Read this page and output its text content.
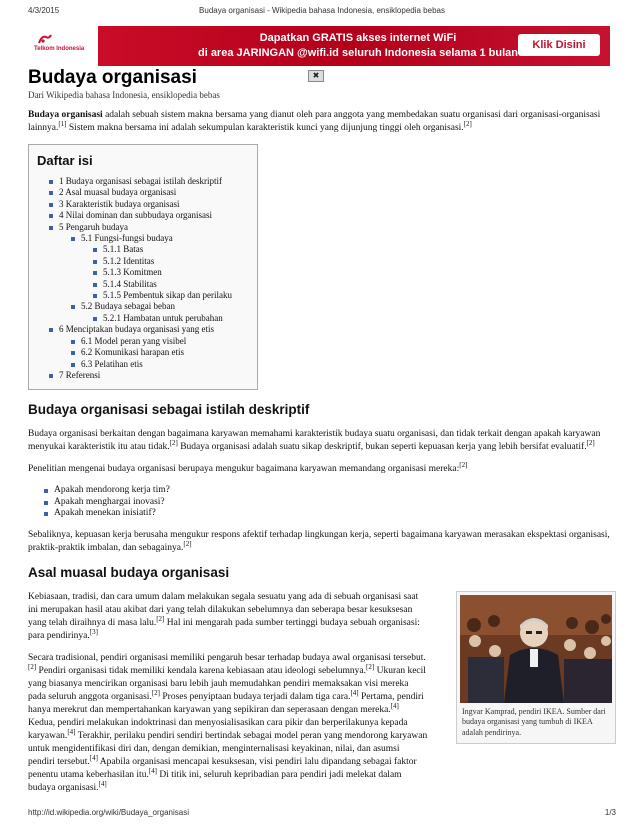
4/3/2015	Budaya organisasi - Wikipedia bahasa Indonesia, ensiklopedia bebas
Telkom Indonesia
Dapatkan GRATIS akses internet WiFi
di area JARINGAN @wifi.id seluruh Indonesia selama 1 bulan
Klik Disini
✖
Budaya organisasi
Dari Wikipedia bahasa Indonesia, ensiklopedia bebas

Budaya organisasi adalah sebuah sistem makna bersama yang dianut oleh para anggota yang membedakan suatu organisasi dari organisasi-organisasi lainnya.[1] Sistem makna bersama ini adalah sekumpulan karakteristik kunci yang dijunjung tinggi oleh organisasi.[2]

Daftar isi
1 Budaya organisasi sebagai istilah deskriptif
2 Asal muasal budaya organisasi
3 Karakteristik budaya organisasi
4 Nilai dominan dan subbudaya organisasi
5 Pengaruh budaya
5.1 Fungsi-fungsi budaya
5.1.1 Batas
5.1.2 Identitas
5.1.3 Komitmen
5.1.4 Stabilitas
5.1.5 Pembentuk sikap dan perilaku
5.2 Budaya sebagai beban
5.2.1 Hambatan untuk perubahan
6 Menciptakan budaya organisasi yang etis
6.1 Model peran yang visibel
6.2 Komunikasi harapan etis
6.3 Pelatihan etis
7 Referensi
Budaya organisasi sebagai istilah deskriptif

Budaya organisasi berkaitan dengan bagaimana karyawan memahami karakteristik budaya suatu organisasi, dan tidak terkait dengan apakah karyawan menyukai karakteristik itu atau tidak.[2] Budaya organisasi adalah suatu sikap deskriptif, bukan seperti kepuasan kerja yang lebih bersifat evaluatif.[2]

Penelitian mengenai budaya organisasi berupaya mengukur bagaimana karyawan memandang organisasi mereka:[2]

Apakah mendorong kerja tim?
Apakah menghargai inovasi?
Apakah menekan inisiatif?

Sebaliknya, kepuasan kerja berusaha mengukur respons afektif terhadap lingkungan kerja, seperti bagaimana karyawan merasakan ekspektasi organisasi, praktik-praktik imbalan, dan sebagainya.[2]

Asal muasal budaya organisasi

Kebiasaan, tradisi, dan cara umum dalam melakukan segala sesuatu yang ada di sebuah organisasi saat ini merupakan hasil atau akibat dari yang telah dilakukan sebelumnya dan seberapa besar kesuksesan yang telah diraihnya di masa lalu.[2] Hal ini mengarah pada sumber tertinggi budaya sebuah organisasi: para pendirinya.[3]

Secara tradisional, pendiri organisasi memiliki pengaruh besar terhadap budaya awal organisasi tersebut.[2] Pendiri organisasi tidak memiliki kendala karena kebiasaan atau ideologi sebelumnya.[2] Ukuran kecil yang biasanya mencirikan organisasi baru lebih jauh memudahkan pendiri memaksakan visi mereka pada seluruh anggota organisasi.[2] Proses penyiptaan budaya terjadi dalam tiga cara.[4] Pertama, pendiri hanya merekrut dan mempertahankan karyawan yang sepikiran dan seperasaan dengan mereka.[4] Kedua, pendiri melakukan indoktrinasi dan menyosialisasikan cara pikir dan berperilakunya kepada karyawan.[4] Terakhir, perilaku pendiri sendiri bertindak sebagai model peran yang mendorong karyawan untuk mengidentifikasi diri dan, dengan demikian, menginternalisasi keyakinan, nilai, dan asumsi pendiri tersebut.[4] Apabila organisasi mencapai kesuksesan, visi pendiri lalu dipandang sebagai faktor penentu utama keberhasilan itu.[4] Di titik ini, seluruh kepribadian para pendiri jadi melekat dalam budaya organisasi.[4]

Ingvar Kamprad, pendiri IKEA. Sumber dari budaya organisasi yang tumbuh di IKEA adalah pendirinya.
http://id.wikipedia.org/wiki/Budaya_organisasi	1/3
